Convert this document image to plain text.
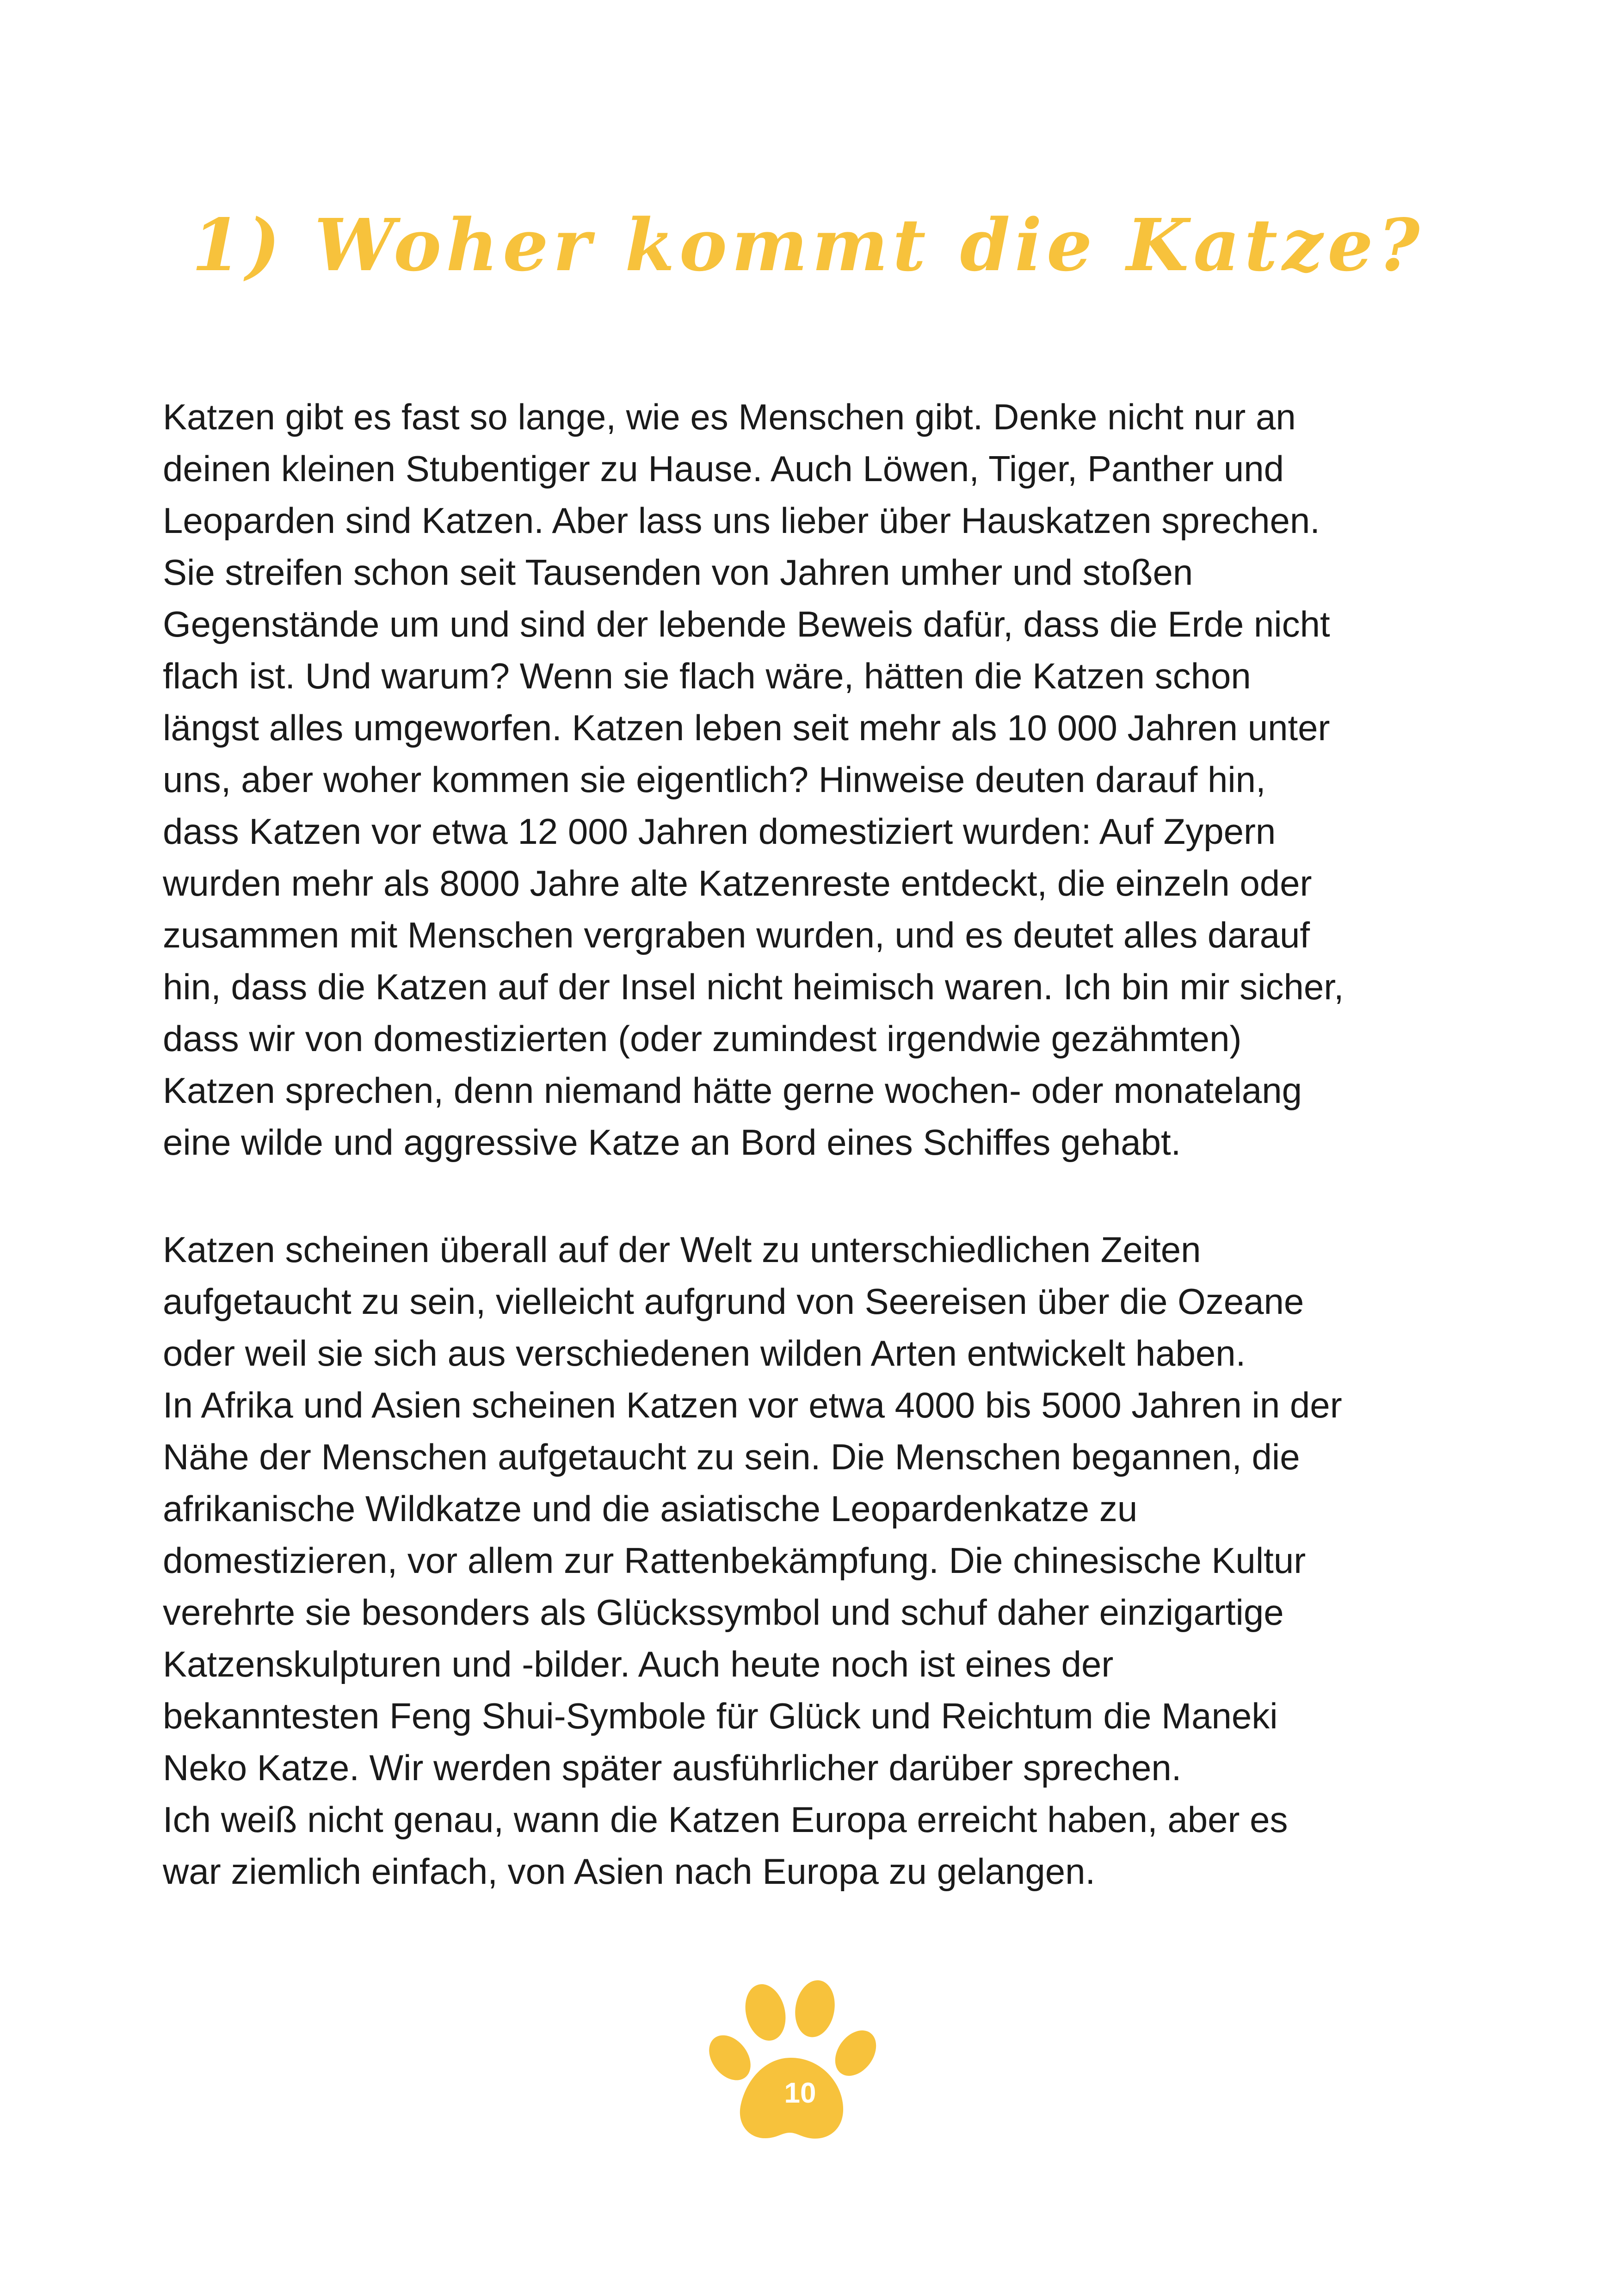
1) Woher kommt die Katze?
Katzen gibt es fast so lange, wie es Menschen gibt. Denke nicht nur an
deinen kleinen Stubentiger zu Hause. Auch Löwen, Tiger, Panther und
Leoparden sind Katzen. Aber lass uns lieber über Hauskatzen sprechen.
Sie streifen schon seit Tausenden von Jahren umher und stoßen
Gegenstände um und sind der lebende Beweis dafür, dass die Erde nicht
flach ist. Und warum? Wenn sie flach wäre, hätten die Katzen schon
längst alles umgeworfen. Katzen leben seit mehr als 10 000 Jahren unter
uns, aber woher kommen sie eigentlich? Hinweise deuten darauf hin,
dass Katzen vor etwa 12 000 Jahren domestiziert wurden: Auf Zypern
wurden mehr als 8000 Jahre alte Katzenreste entdeckt, die einzeln oder
zusammen mit Menschen vergraben wurden, und es deutet alles darauf
hin, dass die Katzen auf der Insel nicht heimisch waren. Ich bin mir sicher,
dass wir von domestizierten (oder zumindest irgendwie gezähmten)
Katzen sprechen, denn niemand hätte gerne wochen- oder monatelang
eine wilde und aggressive Katze an Bord eines Schiffes gehabt.
Katzen scheinen überall auf der Welt zu unterschiedlichen Zeiten
aufgetaucht zu sein, vielleicht aufgrund von Seereisen über die Ozeane
oder weil sie sich aus verschiedenen wilden Arten entwickelt haben.
In Afrika und Asien scheinen Katzen vor etwa 4000 bis 5000 Jahren in der
Nähe der Menschen aufgetaucht zu sein. Die Menschen begannen, die
afrikanische Wildkatze und die asiatische Leopardenkatze zu
domestizieren, vor allem zur Rattenbekämpfung. Die chinesische Kultur
verehrte sie besonders als Glückssymbol und schuf daher einzigartige
Katzenskulpturen und -bilder. Auch heute noch ist eines der
bekanntesten Feng Shui-Symbole für Glück und Reichtum die Maneki
Neko Katze. Wir werden später ausführlicher darüber sprechen.
Ich weiß nicht genau, wann die Katzen Europa erreicht haben, aber es
war ziemlich einfach, von Asien nach Europa zu gelangen.
10
